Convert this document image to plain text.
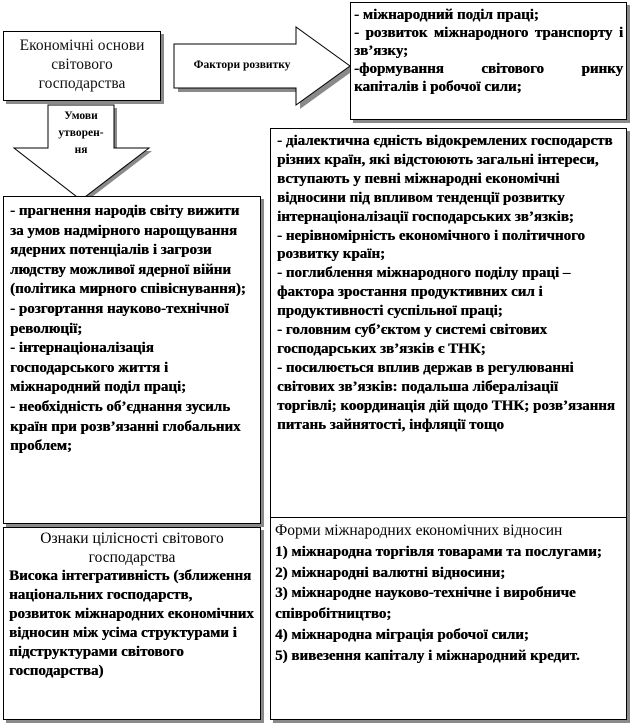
Фактори розвитку
Умови
утворен-
ня
Економічні основи
світового
господарства
- міжнародний поділ праці;
- розвиток міжнародного транспорту і зв’язку;
-формування світового ринку капіталів і робочої сили;
- діалектична єдність відокремлених господарств різних країн, які відстоюють загальні інтереси, вступають у певні міжнародні економічні відносини під впливом тенденції розвитку інтернаціоналізації господарських зв’язків;
- нерівномірність економічного і політичного розвитку країн;
- поглиблення міжнародного поділу праці – фактора зростання продуктивних сил і продуктивності суспільної праці;
- головним суб’єктом у системі світових господарських зв’язків є ТНК;
- посилюється вплив держав в регулюванні світових зв’язків: подальша лібералізації торгівлі; координація дій щодо ТНК; розв’язання питань зайнятості, інфляції тощо
- прагнення народів світу вижити за умов надмірного нарощування ядерних потенціалів і загрози людству можливої ядерної війни (політика мирного співіснування);
- розгортання науково-технічної революції;
- інтернаціоналізація господарського життя і міжнародний поділ праці;
- необхідність об’єднання зусиль країн при розв’язанні глобальних проблем;
Ознаки цілісності світового господарства
Висока інтегративність (зближення національних господарств, розвиток міжнародних економічних відносин між усіма структурами і підструктурами світового господарства)
Форми міжнародних економічних відносин
1) міжнародна торгівля товарами та послугами;
2) міжнародні валютні відносини;
3) міжнародне науково-технічне і виробниче співробітництво;
4) міжнародна міграція робочої сили;
5) вивезення капіталу і міжнародний кредит.
